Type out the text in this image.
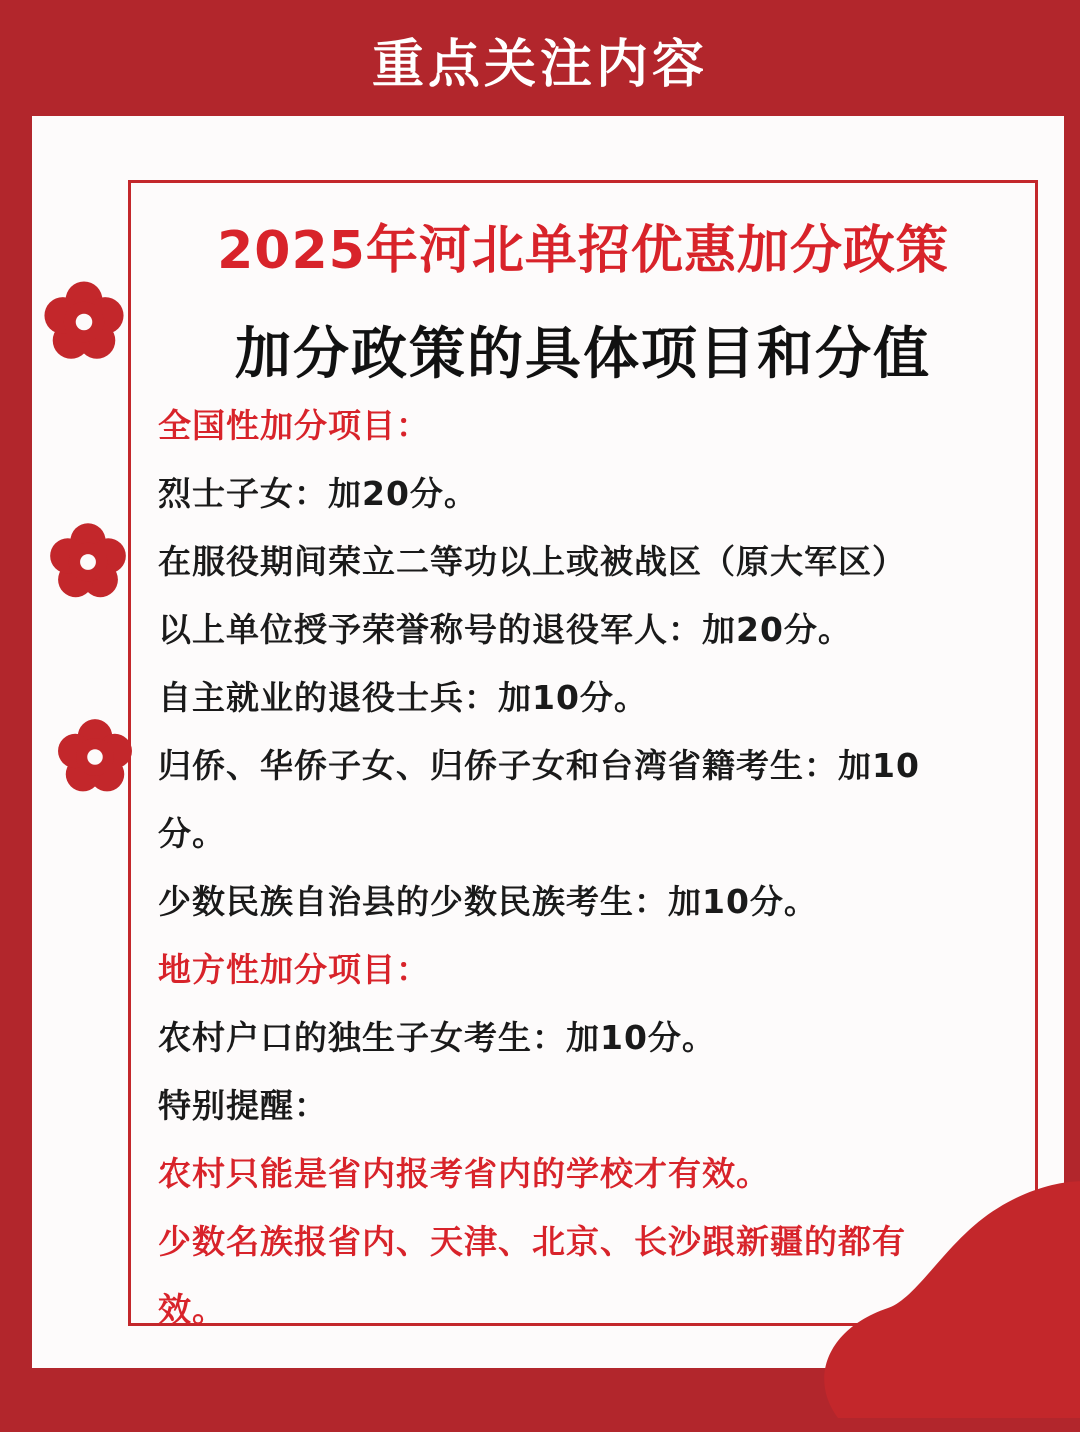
重点关注内容
2025年河北单招优惠加分政策
加分政策的具体项目和分值
全国性加分项目：
烈士子女：加20分。
在服役期间荣立二等功以上或被战区（原大军区）
以上单位授予荣誉称号的退役军人：加20分。
自主就业的退役士兵：加10分。
归侨、华侨子女、归侨子女和台湾省籍考生：加10
分。
少数民族自治县的少数民族考生：加10分。
地方性加分项目：
农村户口的独生子女考生：加10分。
特别提醒：
农村只能是省内报考省内的学校才有效。
少数名族报省内、天津、北京、长沙跟新疆的都有
效。
